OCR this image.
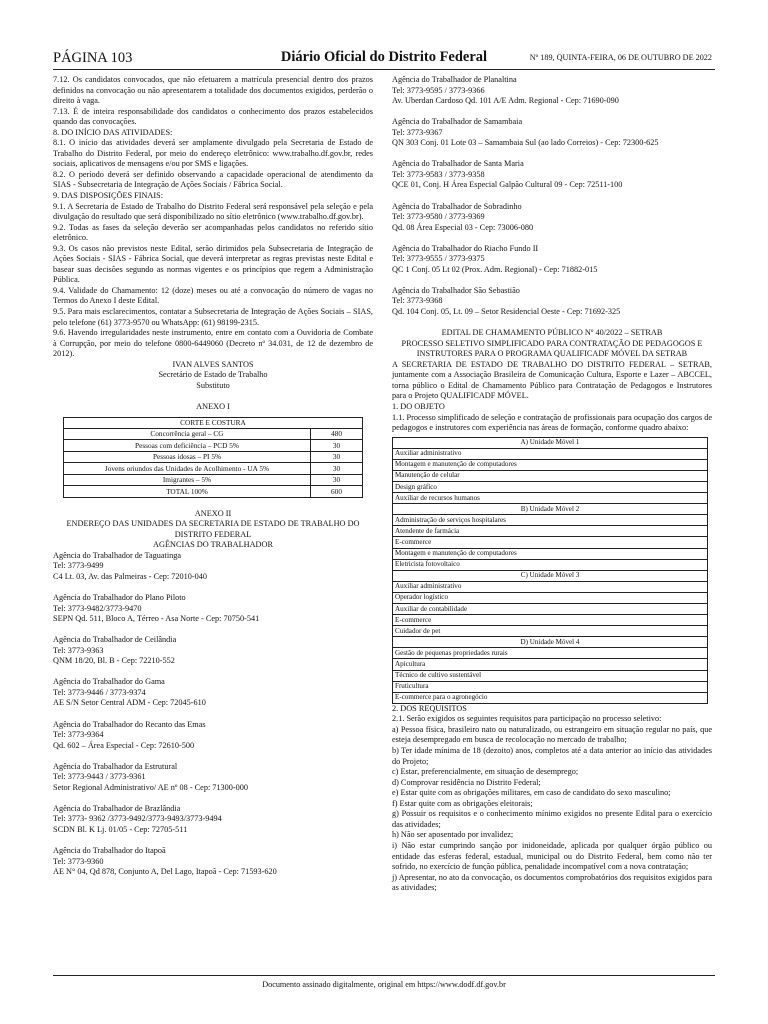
PÁGINA 103	Diário Oficial do Distrito Federal	Nº 189, QUINTA-FEIRA, 06 DE OUTUBRO DE 2022
7.12. Os candidatos convocados, que não efetuarem a matrícula presencial dentro dos prazos definidos na convocação ou não apresentarem a totalidade dos documentos exigidos, perderão o direito à vaga.
7.13. É de inteira responsabilidade dos candidatos o conhecimento dos prazos estabelecidos quando das convocações.
8. DO INÍCIO DAS ATIVIDADES:
8.1. O início das atividades deverá ser amplamente divulgado pela Secretaria de Estado de Trabalho do Distrito Federal, por meio do endereço eletrônico: www.trabalho.df.gov.br, redes sociais, aplicativos de mensagens e/ou por SMS e ligações.
8.2. O período deverá ser definido observando a capacidade operacional de atendimento da SIAS - Subsecretaria de Integração de Ações Sociais / Fábrica Social.
9. DAS DISPOSIÇÕES FINAIS:
9.1. A Secretaria de Estado de Trabalho do Distrito Federal será responsável pela seleção e pela divulgação do resultado que será disponibilizado no sítio eletrônico (www.trabalho.df.gov.br).
9.2. Todas as fases da seleção deverão ser acompanhadas pelos candidatos no referido sítio eletrônico.
9.3. Os casos não previstos neste Edital, serão dirimidos pela Subsecretaria de Integração de Ações Sociais - SIAS - Fábrica Social, que deverá interpretar as regras previstas neste Edital e basear suas decisões segundo as normas vigentes e os princípios que regem a Administração Pública.
9.4. Validade do Chamamento: 12 (doze) meses ou até a convocação do número de vagas no Termos do Anexo I deste Edital.
9.5. Para mais esclarecimentos, contatar a Subsecretaria de Integração de Ações Sociais – SIAS, pelo telefone (61) 3773-9570 ou WhatsApp: (61) 98199-2315.
9.6. Havendo irregularidades neste instrumento, entre em contato com a Ouvidoria de Combate à Corrupção, por meio do telefone 0800-6449060 (Decreto nº 34.031, de 12 de dezembro de 2012).
IVAN ALVES SANTOS
Secretário de Estado de Trabalho
Substituto
ANEXO I
CORTE E COSTURA	
Concorrência geral – CG	480
Pessoas com deficiência – PCD 5%	30
Pessoas idosas – PI 5%	30
Jovens oriundos das Unidades de Acolhimento - UA 5%	30
Imigrantes – 5%	30
TOTAL 100%	600
ANEXO II
ENDEREÇO DAS UNIDADES DA SECRETARIA DE ESTADO DE TRABALHO DO DISTRITO FEDERAL
AGÊNCIAS DO TRABALHADOR
Agência do Trabalhador de Taguatinga
Tel: 3773-9499
C4 Lt. 03, Av. das Palmeiras - Cep: 72010-040
Agência do Trabalhador do Plano Piloto
Tel: 3773-9482/3773-9470
SEPN Qd. 511, Bloco A, Térreo - Asa Norte - Cep: 70750-541
Agência do Trabalhador de Ceilândia
Tel: 3773-9363
QNM 18/20, Bl. B - Cep: 72210-552
Agência do Trabalhador do Gama
Tel: 3773-9446 / 3773-9374
AE S/N Setor Central ADM - Cep: 72045-610
Agência do Trabalhador do Recanto das Emas
Tel: 3773-9364
Qd. 602 – Área Especial - Cep: 72610-500
Agência do Trabalhador da Estrutural
Tel: 3773-9443 / 3773-9361
Setor Regional Administrativo/ AE nº 08 - Cep: 71300-000
Agência do Trabalhador de Brazlândia
Tel: 3773- 9362 /3773-9492/3773-9493/3773-9494
SCDN Bl. K Lj. 01/05 - Cep: 72705-511
Agência do Trabalhador do Itapoã
Tel: 3773-9360
AE N° 04, Qd 878, Conjunto A, Del Lago, Itapoã - Cep: 71593-620
Agência do Trabalhador de Planaltina
Tel: 3773-9595 / 3773-9366
Av. Uberdan Cardoso Qd. 101 A/E Adm. Regional - Cep: 71690-090
Agência do Trabalhador de Samambaia
Tel: 3773-9367
QN 303 Conj. 01 Lote 03 – Samambaia Sul (ao lado Correios) - Cep: 72300-625
Agência do Trabalhador de Santa Maria
Tel: 3773-9583 / 3773-9358
QCE 01, Conj. H Área Especial Galpão Cultural 09 - Cep: 72511-100
Agência do Trabalhador de Sobradinho
Tel: 3773-9580 / 3773-9369
Qd. 08 Área Especial 03 - Cep: 73006-080
Agência do Trabalhador do Riacho Fundo II
Tel: 3773-9555 / 3773-9375
QC 1 Conj. 05 Lt 02 (Prox. Adm. Regional) - Cep: 71882-015
Agência do Trabalhador São Sebastião
Tel: 3773-9368
Qd. 104 Conj. 05, Lt. 09 – Setor Residencial Oeste - Cep: 71692-325
EDITAL DE CHAMAMENTO PÚBLICO Nº 40/2022 – SETRAB
PROCESSO SELETIVO SIMPLIFICADO PARA CONTRATAÇÃO DE PEDAGOGOS E INSTRUTORES PARA O PROGRAMA QUALIFICADF MÓVEL DA SETRAB
A SECRETARIA DE ESTADO DE TRABALHO DO DISTRITO FEDERAL – SETRAB, juntamente com a Associação Brasileira de Comunicação Cultura, Esporte e Lazer – ABCCEL, torna público o Edital de Chamamento Público para Contratação de Pedagogos e Instrutores para o Projeto QUALIFICADF MÓVEL.
1. DO OBJETO
1.1. Processo simplificado de seleção e contratação de profissionais para ocupação dos cargos de pedagogos e instrutores com experiência nas áreas de formação, conforme quadro abaixo:
A) Unidade Móvel 1
Auxiliar administrativo
Montagem e manutenção de computadores
Manutenção de celular
Design gráfico
Auxiliar de recursos humanos
B) Unidade Móvel 2
Administração de serviços hospitalares
Atendente de farmácia
E-commerce
Montagem e manutenção de computadores
Eletricista fotovoltaico
C) Unidade Móvel 3
Auxiliar administrativo
Operador logístico
Auxiliar de contabilidade
E-commerce
Cuidador de pet
D) Unidade Móvel 4
Gestão de pequenas propriedades rurais
Apicultura
Técnico de cultivo sustentável
Fruticultura
E-commerce para o agronegócio
2. DOS REQUISITOS
2.1. Serão exigidos os seguintes requisitos para participação no processo seletivo:
a) Pessoa física, brasileiro nato ou naturalizado, ou estrangeiro em situação regular no país, que esteja desempregado em busca de recolocação no mercado de trabalho;
b) Ter idade mínima de 18 (dezoito) anos, completos até a data anterior ao início das atividades do Projeto;
c) Estar, preferencialmente, em situação de desemprego;
d) Comprovar residência no Distrito Federal;
e) Estar quite com as obrigações militares, em caso de candidato do sexo masculino;
f) Estar quite com as obrigações eleitorais;
g) Possuir os requisitos e o conhecimento mínimo exigidos no presente Edital para o exercício das atividades;
h) Não ser aposentado por invalidez;
i) Não estar cumprindo sanção por inidoneidade, aplicada por qualquer órgão público ou entidade das esferas federal, estadual, municipal ou do Distrito Federal, bem como não ter sofrido, no exercício de função pública, penalidade incompatível com a nova contratação;
j) Apresentar, no ato da convocação, os documentos comprobatórios dos requisitos exigidos para as atividades;
Documento assinado digitalmente, original em https://www.dodf.df.gov.br
